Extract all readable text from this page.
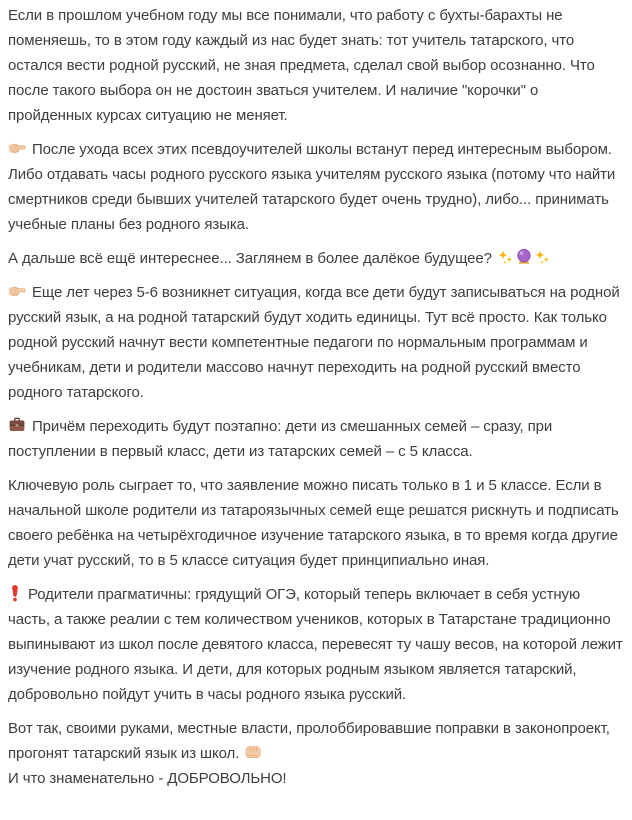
Если в прошлом учебном году мы все понимали, что работу с бухты-барахты не поменяешь, то в этом году каждый из нас будет знать: тот учитель татарского, что остался вести родной русский, не зная предмета, сделал свой выбор осознанно. Что после такого выбора он не достоин зваться учителем. И наличие "корочки" о пройденных курсах ситуацию не меняет.

После ухода всех этих псевдоучителей школы встанут перед интересным выбором. Либо отдавать часы родного русского языка учителям русского языка (потому что найти смертников среди бывших учителей татарского будет очень трудно), либо... принимать учебные планы без родного языка.

А дальше всё ещё интереснее... Заглянем в более далёкое будущее?

Еще лет через 5-6 возникнет ситуация, когда все дети будут записываться на родной русский язык, а на родной татарский будут ходить единицы. Тут всё просто. Как только родной русский начнут вести компетентные педагоги по нормальным программам и учебникам, дети и родители массово начнут переходить на родной русский вместо родного татарского.

Причём переходить будут поэтапно: дети из смешанных семей – сразу, при поступлении в первый класс, дети из татарских семей – с 5 класса.

Ключевую роль сыграет то, что заявление можно писать только в 1 и 5 классе. Если в начальной школе родители из татароязычных семей еще решатся рискнуть и подписать своего ребёнка на четырёхгодичное изучение татарского языка, в то время когда другие дети учат русский, то в 5 классе ситуация будет принципиально иная.

Родители прагматичны: грядущий ОГЭ, который теперь включает в себя устную часть, а также реалии с тем количеством учеников, которых в Татарстане традиционно выпинывают из школ после девятого класса, перевесят ту чашу весов, на которой лежит изучение родного языка. И дети, для которых родным языком является татарский, добровольно пойдут учить в часы родного языка русский.

Вот так, своими руками, местные власти, пролоббировавшие поправки в законопроект, прогонят татарский язык из школ.
И что знаменательно - ДОБРОВОЛЬНО!
